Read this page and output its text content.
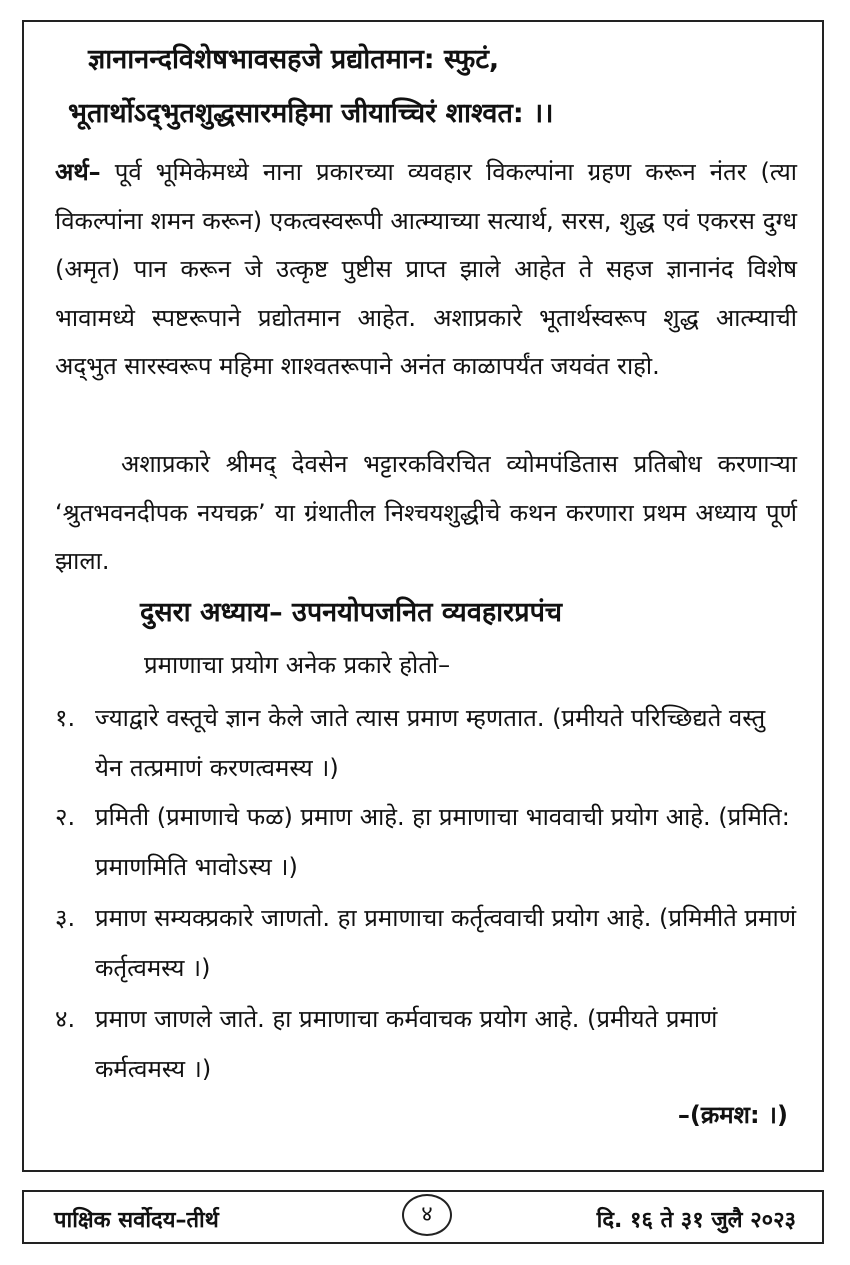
ज्ञानानन्दविशेषभावसहजे प्रद्योतमान: स्फुटं,
भूतार्थोऽद्‌भुतशुद्धसारमहिमा जीयाच्चिरं शाश्वत: ।।
अर्थ– पूर्व भूमिकेमध्ये नाना प्रकारच्या व्यवहार विकल्पांना ग्रहण करून नंतर (त्या विकल्पांना शमन करून) एकत्वस्वरूपी आत्म्याच्या सत्यार्थ, सरस, शुद्ध एवं एकरस दुग्ध (अमृत) पान करून जे उत्कृष्ट पुष्टीस प्राप्त झाले आहेत ते सहज ज्ञानानंद विशेष भावामध्ये स्पष्टरूपाने प्रद्योतमान आहेत. अशाप्रकारे भूतार्थस्वरूप शुद्ध आत्म्याची अद्‌भुत सारस्वरूप महिमा शाश्वतरूपाने अनंत काळापर्यंत जयवंत राहो.
अशाप्रकारे श्रीमद् देवसेन भट्टारकविरचित व्योमपंडितास प्रतिबोध करणाऱ्या ‘श्रुतभवनदीपक नयचक्र’ या ग्रंथातील निश्चयशुद्धीचे कथन करणारा प्रथम अध्याय पूर्ण झाला.
दुसरा अध्याय– उपनयोपजनित व्यवहारप्रपंच
प्रमाणाचा प्रयोग अनेक प्रकारे होतो–
१. ज्याद्वारे वस्तूचे ज्ञान केले जाते त्यास प्रमाण म्हणतात. (प्रमीयते परिच्छिद्यते वस्तु येन तत्प्रमाणं करणत्वमस्य ।)
२. प्रमिती (प्रमाणाचे फळ) प्रमाण आहे. हा प्रमाणाचा भाववाची प्रयोग आहे. (प्रमिति: प्रमाणमिति भावोऽस्य ।)
३. प्रमाण सम्यक्प्रकारे जाणतो. हा प्रमाणाचा कर्तृत्ववाची प्रयोग आहे. (प्रमिमीते प्रमाणं कर्तृत्वमस्य ।)
४. प्रमाण जाणले जाते. हा प्रमाणाचा कर्मवाचक प्रयोग आहे. (प्रमीयते प्रमाणं कर्मत्वमस्य ।)
–(क्रमश: ।)
पाक्षिक सर्वोदय–तीर्थ	४	दि. १६ ते ३१ जुलै २०२३
